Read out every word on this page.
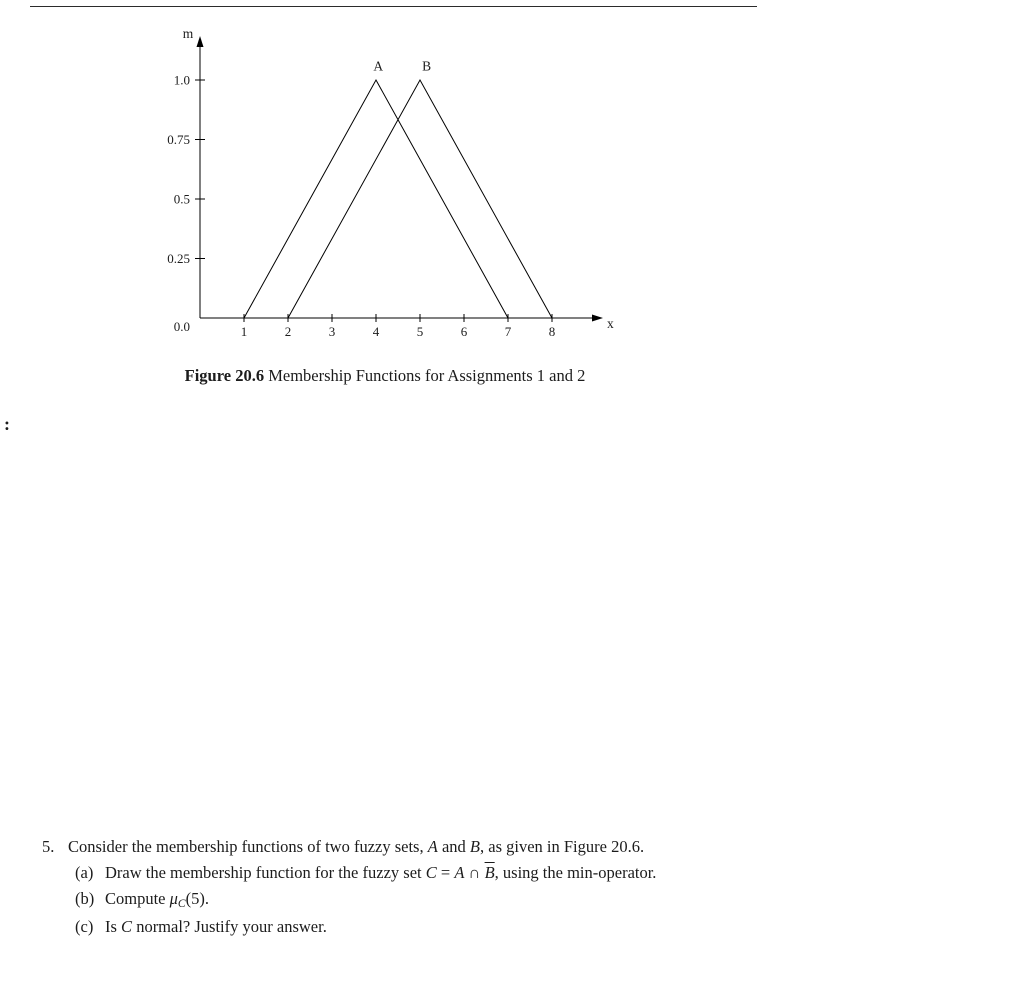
m
x
0.0
0.25
0.5
0.75
1.0
1	2	3	4	5	6	7	8
A	B
Figure 20.6 Membership Functions for Assignments 1 and 2
:
5. Consider the membership functions of two fuzzy sets, A and B, as given in Figure 20.6.

(a) Draw the membership function for the fuzzy set C = A ∩ $\overline{B}$, using the min-operator.

(b) Compute $\mu_C(5)$.

(c) Is C normal? Justify your answer.
